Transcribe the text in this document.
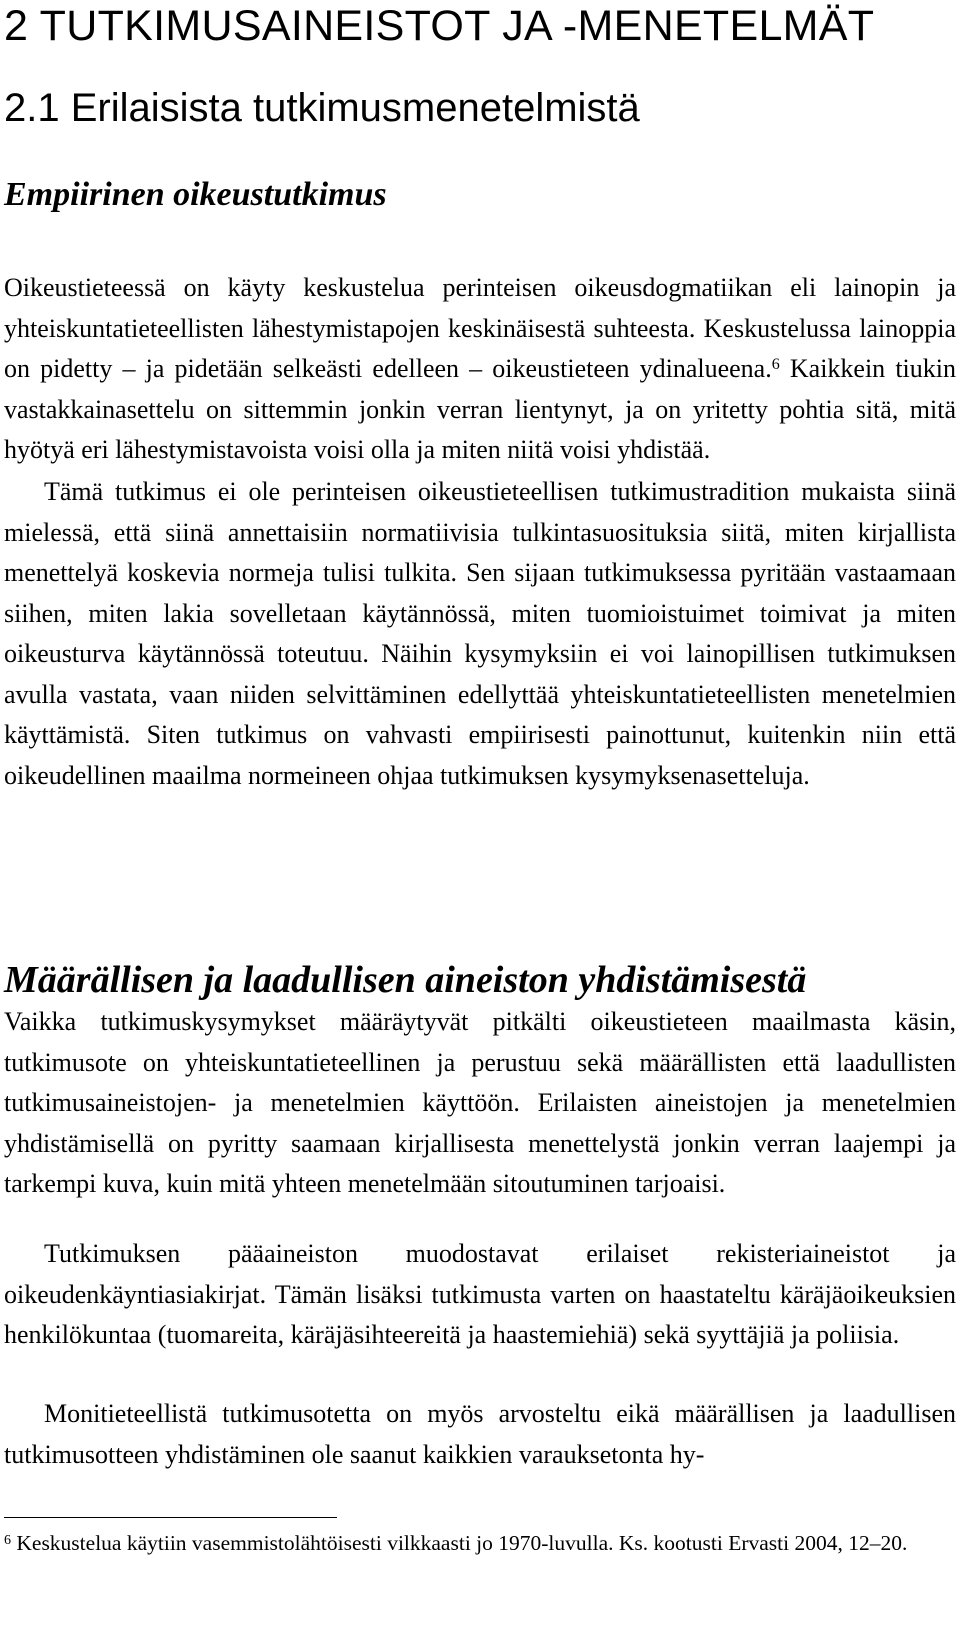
2 TUTKIMUSAINEISTOT JA -MENETELMÄT
2.1 Erilaisista tutkimusmenetelmistä
Empiirinen oikeustutkimus

Oikeustieteessä on käyty keskustelua perinteisen oikeusdogmatiikan eli lainopin ja yhteiskuntatieteellisten lähestymistapojen keskinäisestä suhteesta. Keskustelussa lainoppia on pidetty – ja pidetään selkeästi edelleen – oikeustieteen ydinalueena.$^6$ Kaikkein tiukin vastakkainasettelu on sittemmin jonkin verran lientynyt, ja on yritetty pohtia sitä, mitä hyötyä eri lähestymistavoista voisi olla ja miten niitä voisi yhdistää.

Tämä tutkimus ei ole perinteisen oikeustieteellisen tutkimustradition mukaista siinä mielessä, että siinä annettaisiin normatiivisia tulkintasuosituksia siitä, miten kirjallista menettelyä koskevia normeja tulisi tulkita. Sen sijaan tutkimuksessa pyritään vastaamaan siihen, miten lakia sovelletaan käytännössä, miten tuomioistuimet toimivat ja miten oikeusturva käytännössä toteutuu. Näihin kysymyksiin ei voi lainopillisen tutkimuksen avulla vastata, vaan niiden selvittäminen edellyttää yhteiskuntatieteellisten menetelmien käyttämistä. Siten tutkimus on vahvasti empiirisesti painottunut, kuitenkin niin että oikeudellinen maailma normeineen ohjaa tutkimuksen kysymyksenasetteluja.

Määrällisen ja laadullisen aineiston yhdistämisestä

Vaikka tutkimuskysymykset määräytyvät pitkälti oikeustieteen maailmasta käsin, tutkimusote on yhteiskuntatieteellinen ja perustuu sekä määrällisten että laadullisten tutkimusaineistojen- ja menetelmien käyttöön. Erilaisten aineistojen ja menetelmien yhdistämisellä on pyritty saamaan kirjallisesta menettelystä jonkin verran laajempi ja tarkempi kuva, kuin mitä yhteen menetelmään sitoutuminen tarjoaisi.

Tutkimuksen pääaineiston muodostavat erilaiset rekisteriaineistot ja oikeudenkäyntiasiakirjat. Tämän lisäksi tutkimusta varten on haastateltu käräjäoikeuksien henkilökuntaa (tuomareita, käräjäsihteereitä ja haastemiehiä) sekä syyttäjiä ja poliisia.

Monitieteellistä tutkimusotetta on myös arvosteltu eikä määrällisen ja laadullisen tutkimusotteen yhdistäminen ole saanut kaikkien varauksetonta hy-

$^6$ Keskustelua käytiin vasemmistolähtöisesti vilkkaasti jo 1970-luvulla. Ks. kootusti Ervasti 2004, 12–20.
